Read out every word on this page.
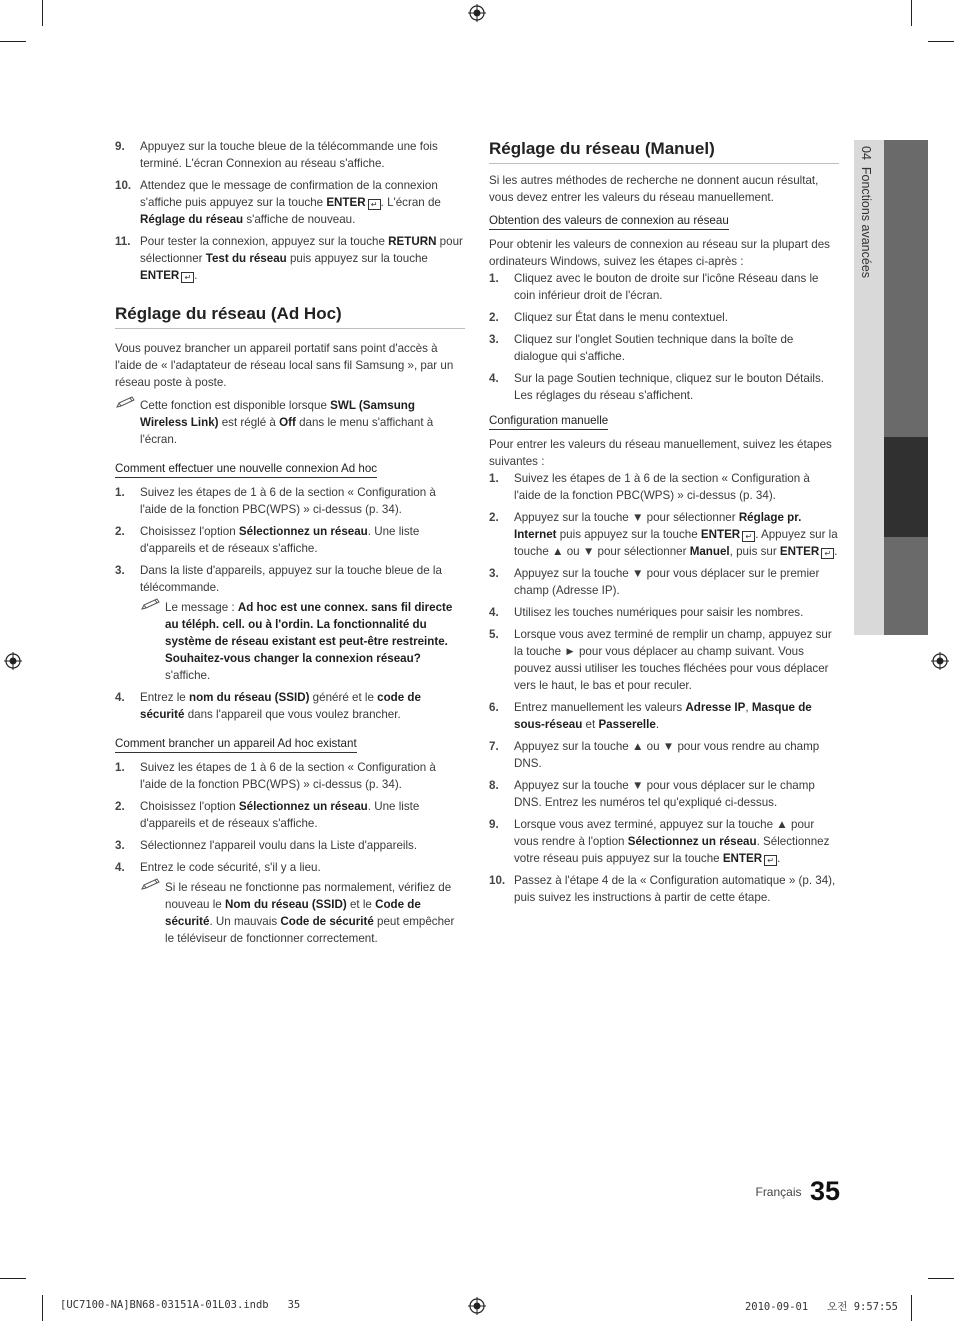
04  Fonctions avancées
9. Appuyez sur la touche bleue de la télécommande une fois terminé. L'écran Connexion au réseau s'affiche.
10. Attendez que le message de confirmation de la connexion s'affiche puis appuyez sur la touche ENTER ↵ . L'écran de Réglage du réseau s'affiche de nouveau.
11. Pour tester la connexion, appuyez sur la touche RETURN pour sélectionner Test du réseau puis appuyez sur la touche ENTER ↵ .
Réglage du réseau (Ad Hoc)

Vous pouvez brancher un appareil portatif sans point d'accès à l'aide de « l'adaptateur de réseau local sans fil Samsung », par un réseau poste à poste.

Cette fonction est disponible lorsque SWL (Samsung Wireless Link) est réglé à Off dans le menu s'affichant à l'écran.
Comment effectuer une nouvelle connexion Ad hoc
1. Suivez les étapes de 1 à 6 de la section « Configuration à l'aide de la fonction PBC(WPS) » ci-dessus (p. 34).
2. Choisissez l'option Sélectionnez un réseau. Une liste d'appareils et de réseaux s'affiche.
3. Dans la liste d'appareils, appuyez sur la touche bleue de la télécommande.
Le message : Ad hoc est une connex. sans fil directe au téléph. cell. ou à l'ordin. La fonctionnalité du système de réseau existant est peut-être restreinte. Souhaitez-vous changer la connexion réseau? s'affiche.
4. Entrez le nom du réseau (SSID) généré et le code de sécurité dans l'appareil que vous voulez brancher.
Comment brancher un appareil Ad hoc existant
1. Suivez les étapes de 1 à 6 de la section « Configuration à l'aide de la fonction PBC(WPS) » ci-dessus (p. 34).
2. Choisissez l'option Sélectionnez un réseau. Une liste d'appareils et de réseaux s'affiche.
3. Sélectionnez l'appareil voulu dans la Liste d'appareils.
4. Entrez le code sécurité, s'il y a lieu.
Si le réseau ne fonctionne pas normalement, vérifiez de nouveau le Nom du réseau (SSID) et le Code de sécurité. Un mauvais Code de sécurité peut empêcher le téléviseur de fonctionner correctement.
Réglage du réseau (Manuel)

Si les autres méthodes de recherche ne donnent aucun résultat, vous devez entrer les valeurs du réseau manuellement.

Obtention des valeurs de connexion au réseau

Pour obtenir les valeurs de connexion au réseau sur la plupart des ordinateurs Windows, suivez les étapes ci-après :

1. Cliquez avec le bouton de droite sur l'icône Réseau dans le coin inférieur droit de l'écran.
2. Cliquez sur État dans le menu contextuel.
3. Cliquez sur l'onglet Soutien technique dans la boîte de dialogue qui s'affiche.
4. Sur la page Soutien technique, cliquez sur le bouton Détails. Les réglages du réseau s'affichent.
Configuration manuelle

Pour entrer les valeurs du réseau manuellement, suivez les étapes suivantes :

1. Suivez les étapes de 1 à 6 de la section « Configuration à l'aide de la fonction PBC(WPS) » ci-dessus (p. 34).
2. Appuyez sur la touche ▼ pour sélectionner Réglage pr. Internet puis appuyez sur la touche ENTER ↵ . Appuyez sur la touche ▲ ou ▼ pour sélectionner Manuel, puis sur ENTER ↵ .
3. Appuyez sur la touche ▼ pour vous déplacer sur le premier champ (Adresse IP).
4. Utilisez les touches numériques pour saisir les nombres.
5. Lorsque vous avez terminé de remplir un champ, appuyez sur la touche ► pour vous déplacer au champ suivant. Vous pouvez aussi utiliser les touches fléchées pour vous déplacer vers le haut, le bas et pour reculer.
6. Entrez manuellement les valeurs Adresse IP, Masque de sous-réseau et Passerelle.
7. Appuyez sur la touche ▲ ou ▼ pour vous rendre au champ DNS.
8. Appuyez sur la touche ▼ pour vous déplacer sur le champ DNS. Entrez les numéros tel qu'expliqué ci-dessus.
9. Lorsque vous avez terminé, appuyez sur la touche ▲ pour vous rendre à l'option Sélectionnez un réseau. Sélectionnez votre réseau puis appuyez sur la touche ENTER ↵ .
10. Passez à l'étape 4 de la « Configuration automatique » (p. 34), puis suivez les instructions à partir de cette étape.
$^{Français}$ 35
[UC7100-NA]BN68-03151A-01L03.indb   35	2010-09-01   오전 9:57:55
